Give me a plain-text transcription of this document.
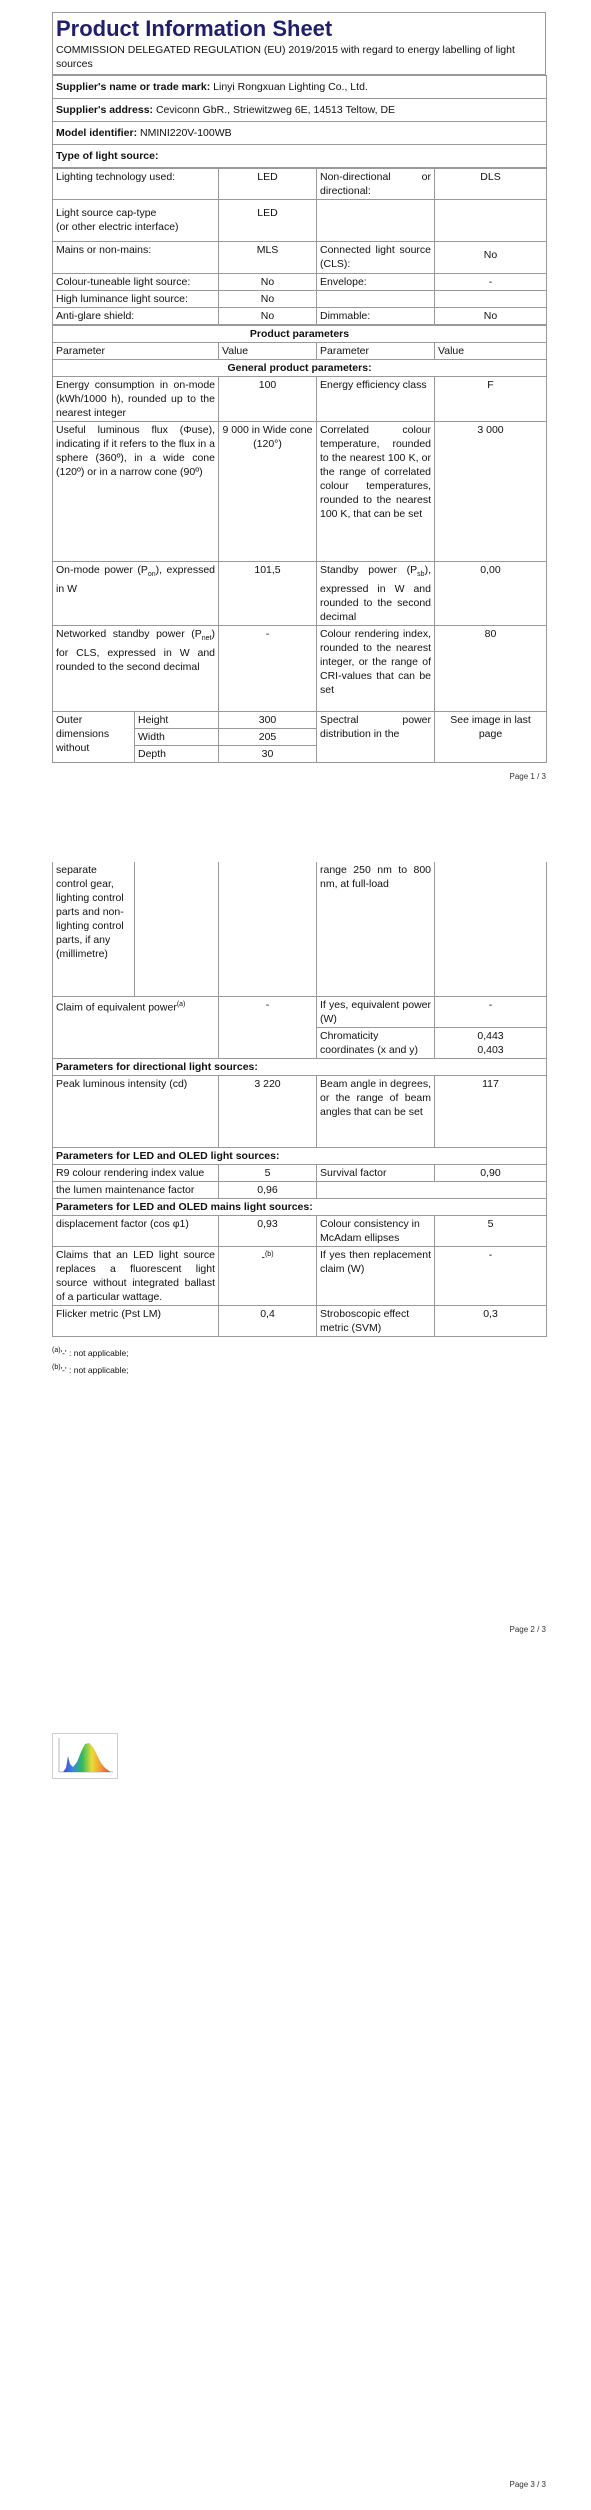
Product Information Sheet
COMMISSION DELEGATED REGULATION (EU) 2019/2015 with regard to energy labelling of light sources
Supplier's name or trade mark: Linyi Rongxuan Lighting Co., Ltd.
Supplier's address: Ceviconn GbR., Striewitzweg 6E, 14513 Teltow, DE
Model identifier: NMINI220V-100WB
Type of light source:
Lighting technology used:	LED	Non-directional or directional:	DLS
Light source cap-type
(or other electric interface)	LED		
Mains or non-mains:	MLS	Connected light source (CLS):	No
Colour-tuneable light source:	No	Envelope:	-
High luminance light source:	No		
Anti-glare shield:	No	Dimmable:	No
Product parameters				
Parameter		Value	Parameter	Value
General product parameters:				
Energy consumption in on-mode (kWh/1000 h), rounded up to the nearest integer		100	Energy efficiency class	F
Useful luminous flux (Φuse), indicating if it refers to the flux in a sphere (360º), in a wide cone (120º) or in a narrow cone (90º)		9 000 in Wide cone (120°)	Correlated colour temperature, rounded to the nearest 100 K, or the range of correlated colour temperatures, rounded to the nearest 100 K, that can be set	3 000
On-mode power $(P_{on})$, expressed in W		101,5	Standby power $(P_{sb})$, expressed in W and rounded to the second decimal	0,00
Networked standby power $(P_{net})$ for CLS, expressed in W and rounded to the second decimal		-	Colour rendering index, rounded to the nearest integer, or the range of CRI-values that can be set	80
Outer dimensions without	Height	300	Spectral power distribution in the	See image in last page
	Width	205		
	Depth	30		
Page 1 / 3
separate control gear, lighting control parts and non-lighting control parts, if any (millimetre)			range 250 nm to 800 nm, at full-load	
Claim of equivalent power$^{(a)}$		-	If yes, equivalent power (W)	-
			Chromaticity coordinates (x and y)	0,443
0,403

Parameters for directional light sources:				
Peak luminous intensity (cd)		3 220	Beam angle in degrees, or the range of beam angles that can be set	117
Parameters for LED and OLED light sources:				
R9 colour rendering index value		5	Survival factor	0,90
the lumen maintenance factor		0,96		
Parameters for LED and OLED mains light sources:				
displacement factor (cos φ1)		0,93	Colour consistency in McAdam ellipses	5
Claims that an LED light source replaces a fluorescent light source without integrated ballast of a particular wattage.		-$^{(b)}$	If yes then replacement claim (W)	-
Flicker metric (Pst LM)		0,4	Stroboscopic effect metric (SVM)	0,3
$^{(a)}$'-' : not applicable;
$^{(b)}$'-' : not applicable;
Page 2 / 3
Page 3 / 3
